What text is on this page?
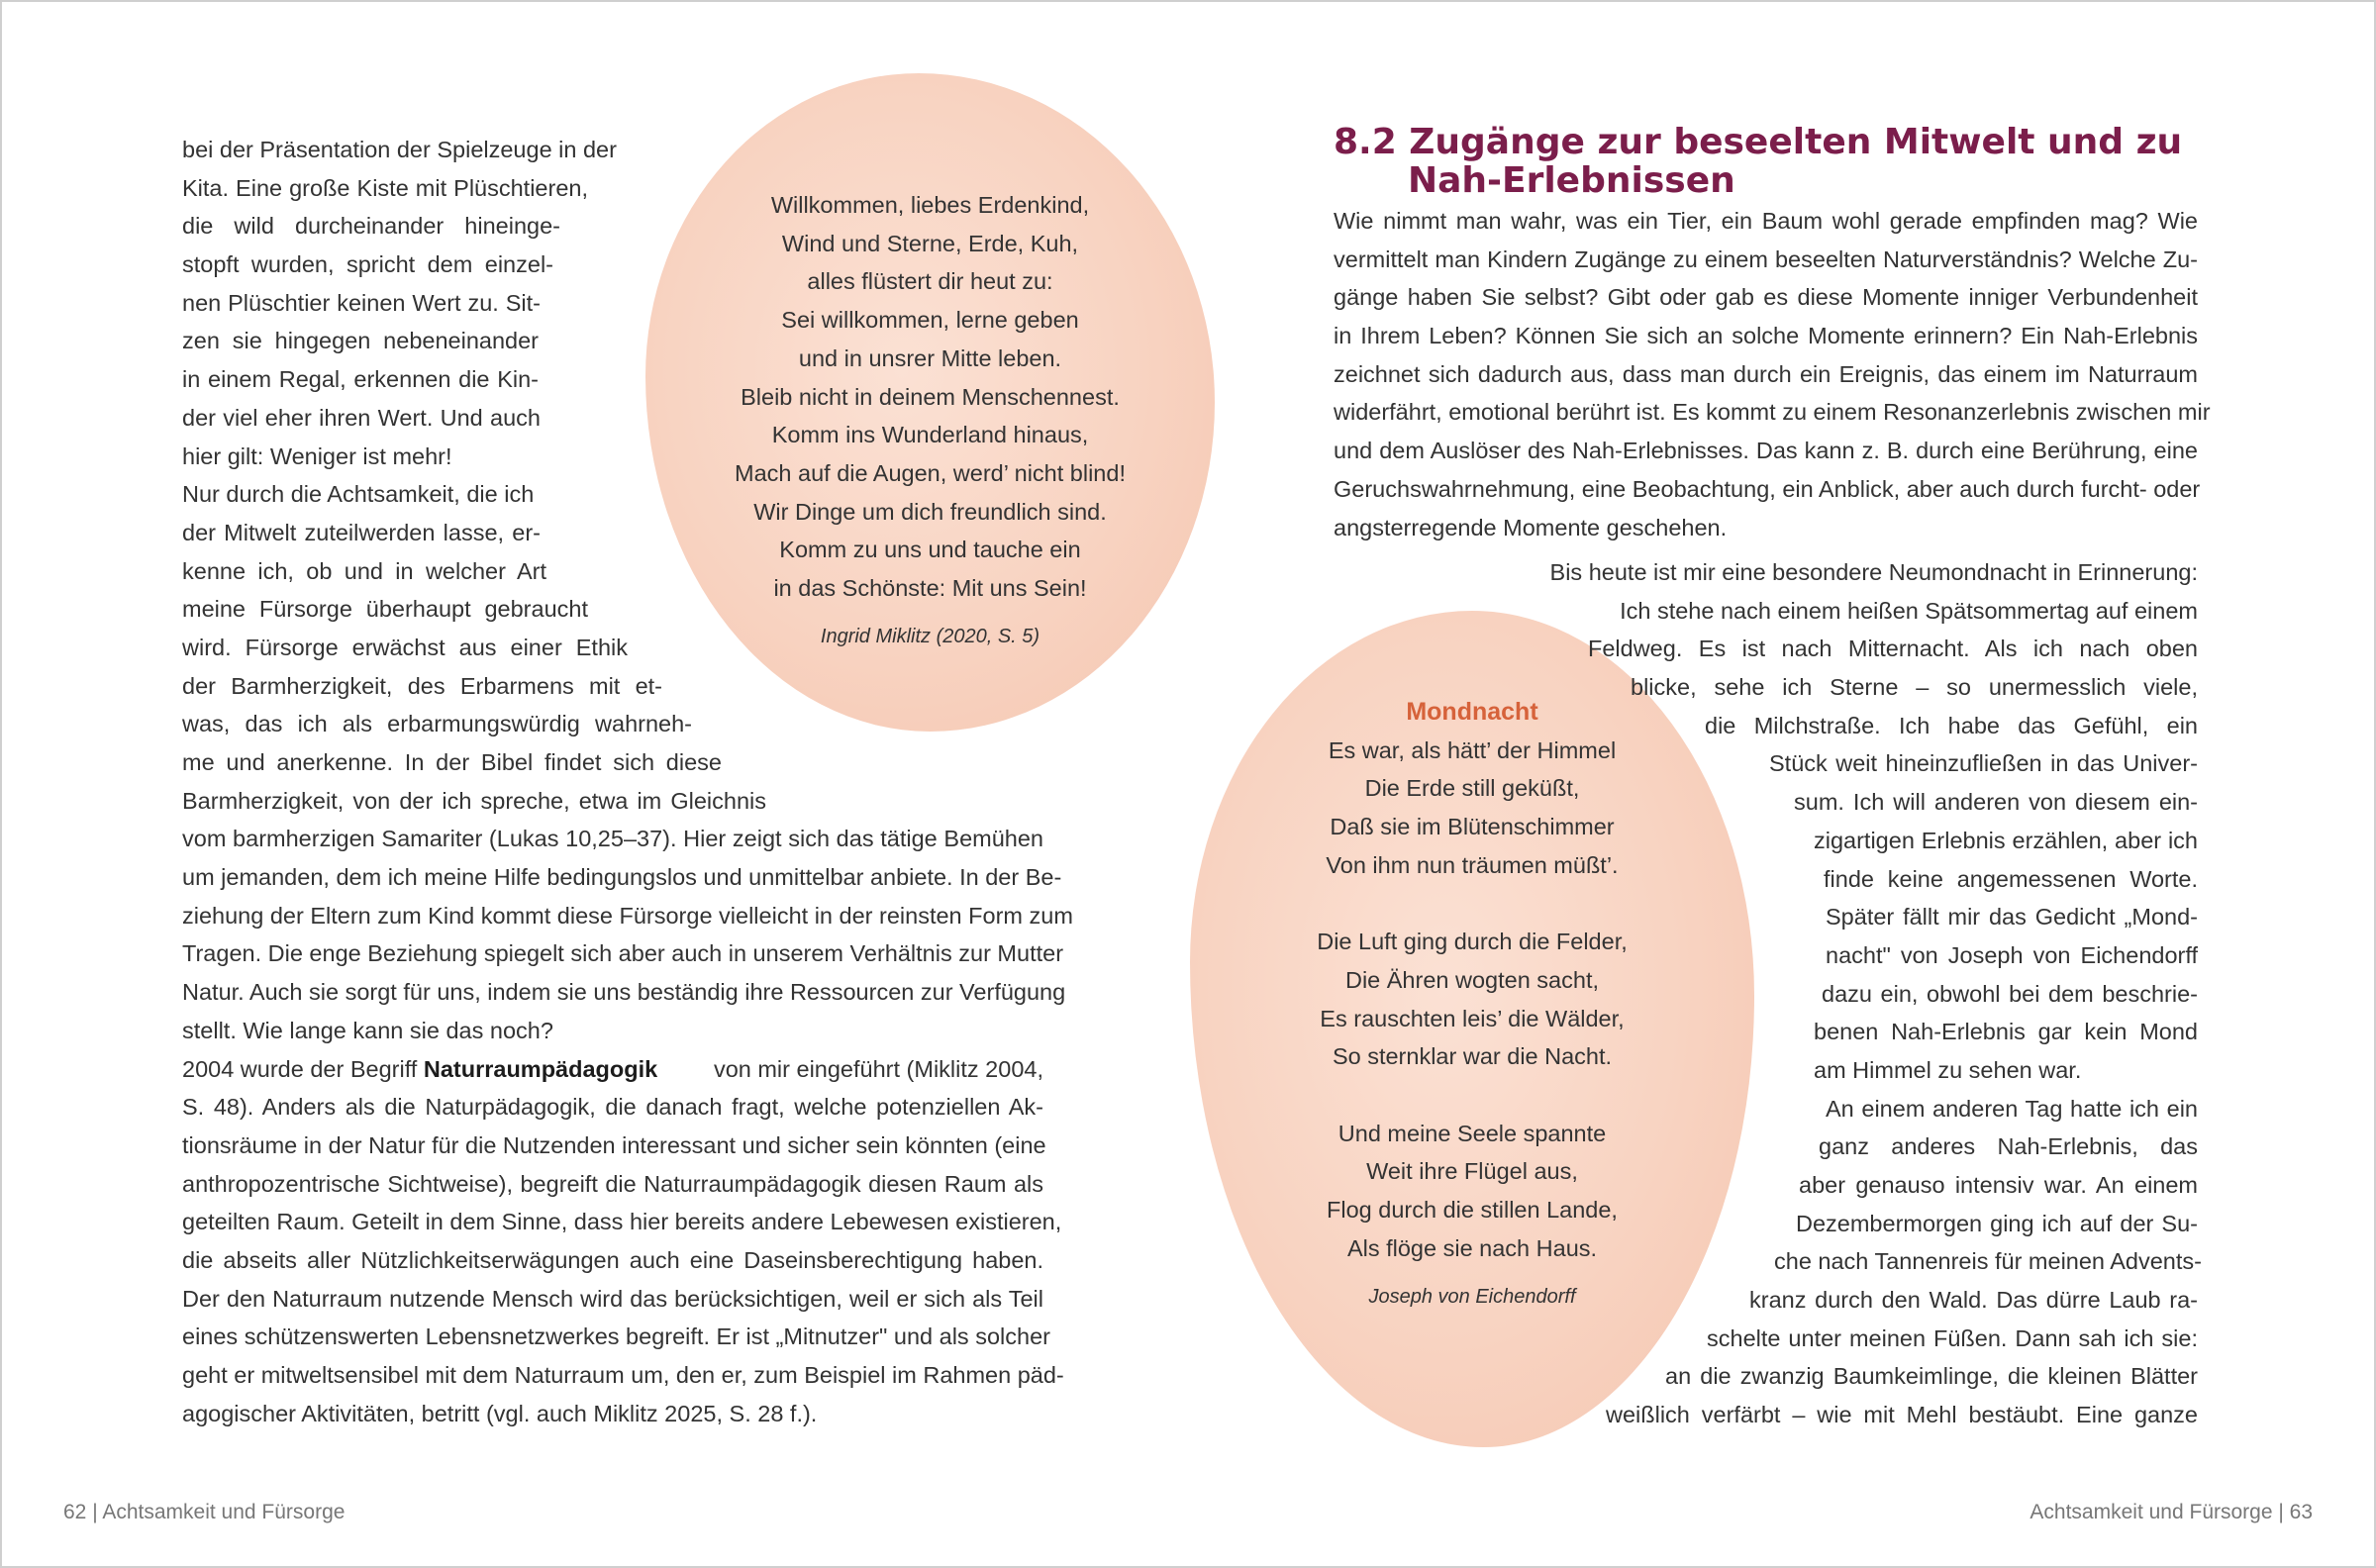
bei der Präsentation der Spielzeuge in der
Kita. Eine große Kiste mit Plüschtieren,
die wild durcheinander hineinge-
stopft wurden, spricht dem einzel-
nen Plüschtier keinen Wert zu. Sit-
zen sie hingegen nebeneinander
in einem Regal, erkennen die Kin-
der viel eher ihren Wert. Und auch
hier gilt: Weniger ist mehr!
Nur durch die Achtsamkeit, die ich
der Mitwelt zuteilwerden lasse, er-
kenne ich, ob und in welcher Art
meine Fürsorge überhaupt gebraucht
wird. Fürsorge erwächst aus einer Ethik
der Barmherzigkeit, des Erbarmens mit et-
was, das ich als erbarmungswürdig wahrneh-
me und anerkenne. In der Bibel findet sich diese
Barmherzigkeit, von der ich spreche, etwa im Gleichnis
vom barmherzigen Samariter (Lukas 10,25–37). Hier zeigt sich das tätige Bemühen
um jemanden, dem ich meine Hilfe bedingungslos und unmittelbar anbiete. In der Be-
ziehung der Eltern zum Kind kommt diese Fürsorge vielleicht in der reinsten Form zum
Tragen. Die enge Beziehung spiegelt sich aber auch in unserem Verhältnis zur Mutter
Natur. Auch sie sorgt für uns, indem sie uns beständig ihre Ressourcen zur Verfügung
stellt. Wie lange kann sie das noch?
2004 wurde der Begriff Naturraumpädagogik von mir eingeführt (Miklitz 2004,
S. 48). Anders als die Naturpädagogik, die danach fragt, welche potenziellen Ak-
tionsräume in der Natur für die Nutzenden interessant und sicher sein könnten (eine
anthropozentrische Sichtweise), begreift die Naturraumpädagogik diesen Raum als
geteilten Raum. Geteilt in dem Sinne, dass hier bereits andere Lebewesen existieren,
die abseits aller Nützlichkeitserwägungen auch eine Daseinsberechtigung haben.
Der den Naturraum nutzende Mensch wird das berücksichtigen, weil er sich als Teil
eines schützenswerten Lebensnetzwerkes begreift. Er ist „Mitnutzer" und als solcher
geht er mitweltsensibel mit dem Naturraum um, den er, zum Beispiel im Rahmen päd-
agogischer Aktivitäten, betritt (vgl. auch Miklitz 2025, S. 28 f.).
Willkommen, liebes Erdenkind,
Wind und Sterne, Erde, Kuh,
alles flüstert dir heut zu:
Sei willkommen, lerne geben
und in unsrer Mitte leben.
Bleib nicht in deinem Menschennest.
Komm ins Wunderland hinaus,
Mach auf die Augen, werd’ nicht blind!
Wir Dinge um dich freundlich sind.
Komm zu uns und tauche ein
in das Schönste: Mit uns Sein!
Ingrid Miklitz (2020, S. 5)
62 | Achtsamkeit und Fürsorge
8.2 Zugänge zur beseelten Mitwelt und zu
Nah-Erlebnissen
Wie nimmt man wahr, was ein Tier, ein Baum wohl gerade empfinden mag? Wie
vermittelt man Kindern Zugänge zu einem beseelten Naturverständnis? Welche Zu-
gänge haben Sie selbst? Gibt oder gab es diese Momente inniger Verbundenheit
in Ihrem Leben? Können Sie sich an solche Momente erinnern? Ein Nah-Erlebnis
zeichnet sich dadurch aus, dass man durch ein Ereignis, das einem im Naturraum
widerfährt, emotional berührt ist. Es kommt zu einem Resonanzerlebnis zwischen mir
und dem Auslöser des Nah-Erlebnisses. Das kann z. B. durch eine Berührung, eine
Geruchswahrnehmung, eine Beobachtung, ein Anblick, aber auch durch furcht- oder
angsterregende Momente geschehen.
Bis heute ist mir eine besondere Neumondnacht in Erinnerung:
Ich stehe nach einem heißen Spätsommertag auf einem
Feldweg. Es ist nach Mitternacht. Als ich nach oben
blicke, sehe ich Sterne – so unermesslich viele,
die Milchstraße. Ich habe das Gefühl, ein
Stück weit hineinzufließen in das Univer-
sum. Ich will anderen von diesem ein-
zigartigen Erlebnis erzählen, aber ich
finde keine angemessenen Worte.
Später fällt mir das Gedicht „Mond-
nacht" von Joseph von Eichendorff
dazu ein, obwohl bei dem beschrie-
benen Nah-Erlebnis gar kein Mond
am Himmel zu sehen war.
An einem anderen Tag hatte ich ein
ganz anderes Nah-Erlebnis, das
aber genauso intensiv war. An einem
Dezembermorgen ging ich auf der Su-
che nach Tannenreis für meinen Advents-
kranz durch den Wald. Das dürre Laub ra-
schelte unter meinen Füßen. Dann sah ich sie:
an die zwanzig Baumkeimlinge, die kleinen Blätter
weißlich verfärbt – wie mit Mehl bestäubt. Eine ganze
Mondnacht
Es war, als hätt’ der Himmel
Die Erde still geküßt,
Daß sie im Blütenschimmer
Von ihm nun träumen müßt’.
Die Luft ging durch die Felder,
Die Ähren wogten sacht,
Es rauschten leis’ die Wälder,
So sternklar war die Nacht.
Und meine Seele spannte
Weit ihre Flügel aus,
Flog durch die stillen Lande,
Als flöge sie nach Haus.
Joseph von Eichendorff
Achtsamkeit und Fürsorge | 63
